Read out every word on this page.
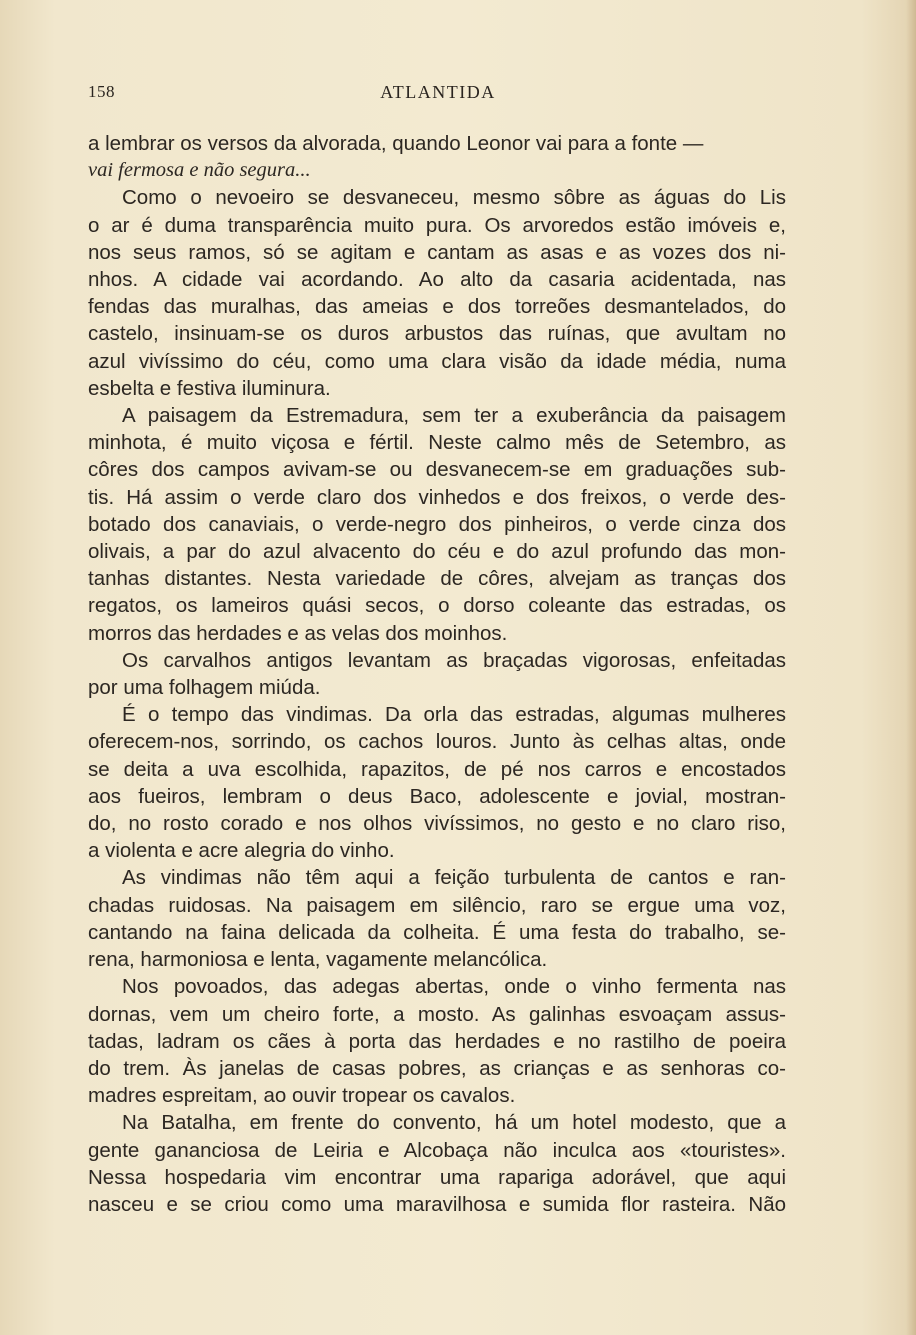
158	ATLANTIDA
a lembrar os versos da alvorada, quando Leonor vai para a fonte —
vai fermosa e não segura...
Como o nevoeiro se desvaneceu, mesmo sôbre as águas do Lis
o ar é duma transparência muito pura. Os arvoredos estão imóveis e,
nos seus ramos, só se agitam e cantam as asas e as vozes dos ni-
nhos. A cidade vai acordando. Ao alto da casaria acidentada, nas
fendas das muralhas, das ameias e dos torreões desmantelados, do
castelo, insinuam-se os duros arbustos das ruínas, que avultam no
azul vivíssimo do céu, como uma clara visão da idade média, numa
esbelta e festiva iluminura.
A paisagem da Estremadura, sem ter a exuberância da paisagem
minhota, é muito viçosa e fértil. Neste calmo mês de Setembro, as
côres dos campos avivam-se ou desvanecem-se em graduações sub-
tis. Há assim o verde claro dos vinhedos e dos freixos, o verde des-
botado dos canaviais, o verde-negro dos pinheiros, o verde cinza dos
olivais, a par do azul alvacento do céu e do azul profundo das mon-
tanhas distantes. Nesta variedade de côres, alvejam as tranças dos
regatos, os lameiros quási secos, o dorso coleante das estradas, os
morros das herdades e as velas dos moinhos.
Os carvalhos antigos levantam as braçadas vigorosas, enfeitadas
por uma folhagem miúda.
É o tempo das vindimas. Da orla das estradas, algumas mulheres
oferecem-nos, sorrindo, os cachos louros. Junto às celhas altas, onde
se deita a uva escolhida, rapazitos, de pé nos carros e encostados
aos fueiros, lembram o deus Baco, adolescente e jovial, mostran-
do, no rosto corado e nos olhos vivíssimos, no gesto e no claro riso,
a violenta e acre alegria do vinho.
As vindimas não têm aqui a feição turbulenta de cantos e ran-
chadas ruidosas. Na paisagem em silêncio, raro se ergue uma voz,
cantando na faina delicada da colheita. É uma festa do trabalho, se-
rena, harmoniosa e lenta, vagamente melancólica.
Nos povoados, das adegas abertas, onde o vinho fermenta nas
dornas, vem um cheiro forte, a mosto. As galinhas esvoaçam assus-
tadas, ladram os cães à porta das herdades e no rastilho de poeira
do trem. Às janelas de casas pobres, as crianças e as senhoras co-
madres espreitam, ao ouvir tropear os cavalos.
Na Batalha, em frente do convento, há um hotel modesto, que a
gente gananciosa de Leiria e Alcobaça não inculca aos «touristes».
Nessa hospedaria vim encontrar uma rapariga adorável, que aqui
nasceu e se criou como uma maravilhosa e sumida flor rasteira. Não
